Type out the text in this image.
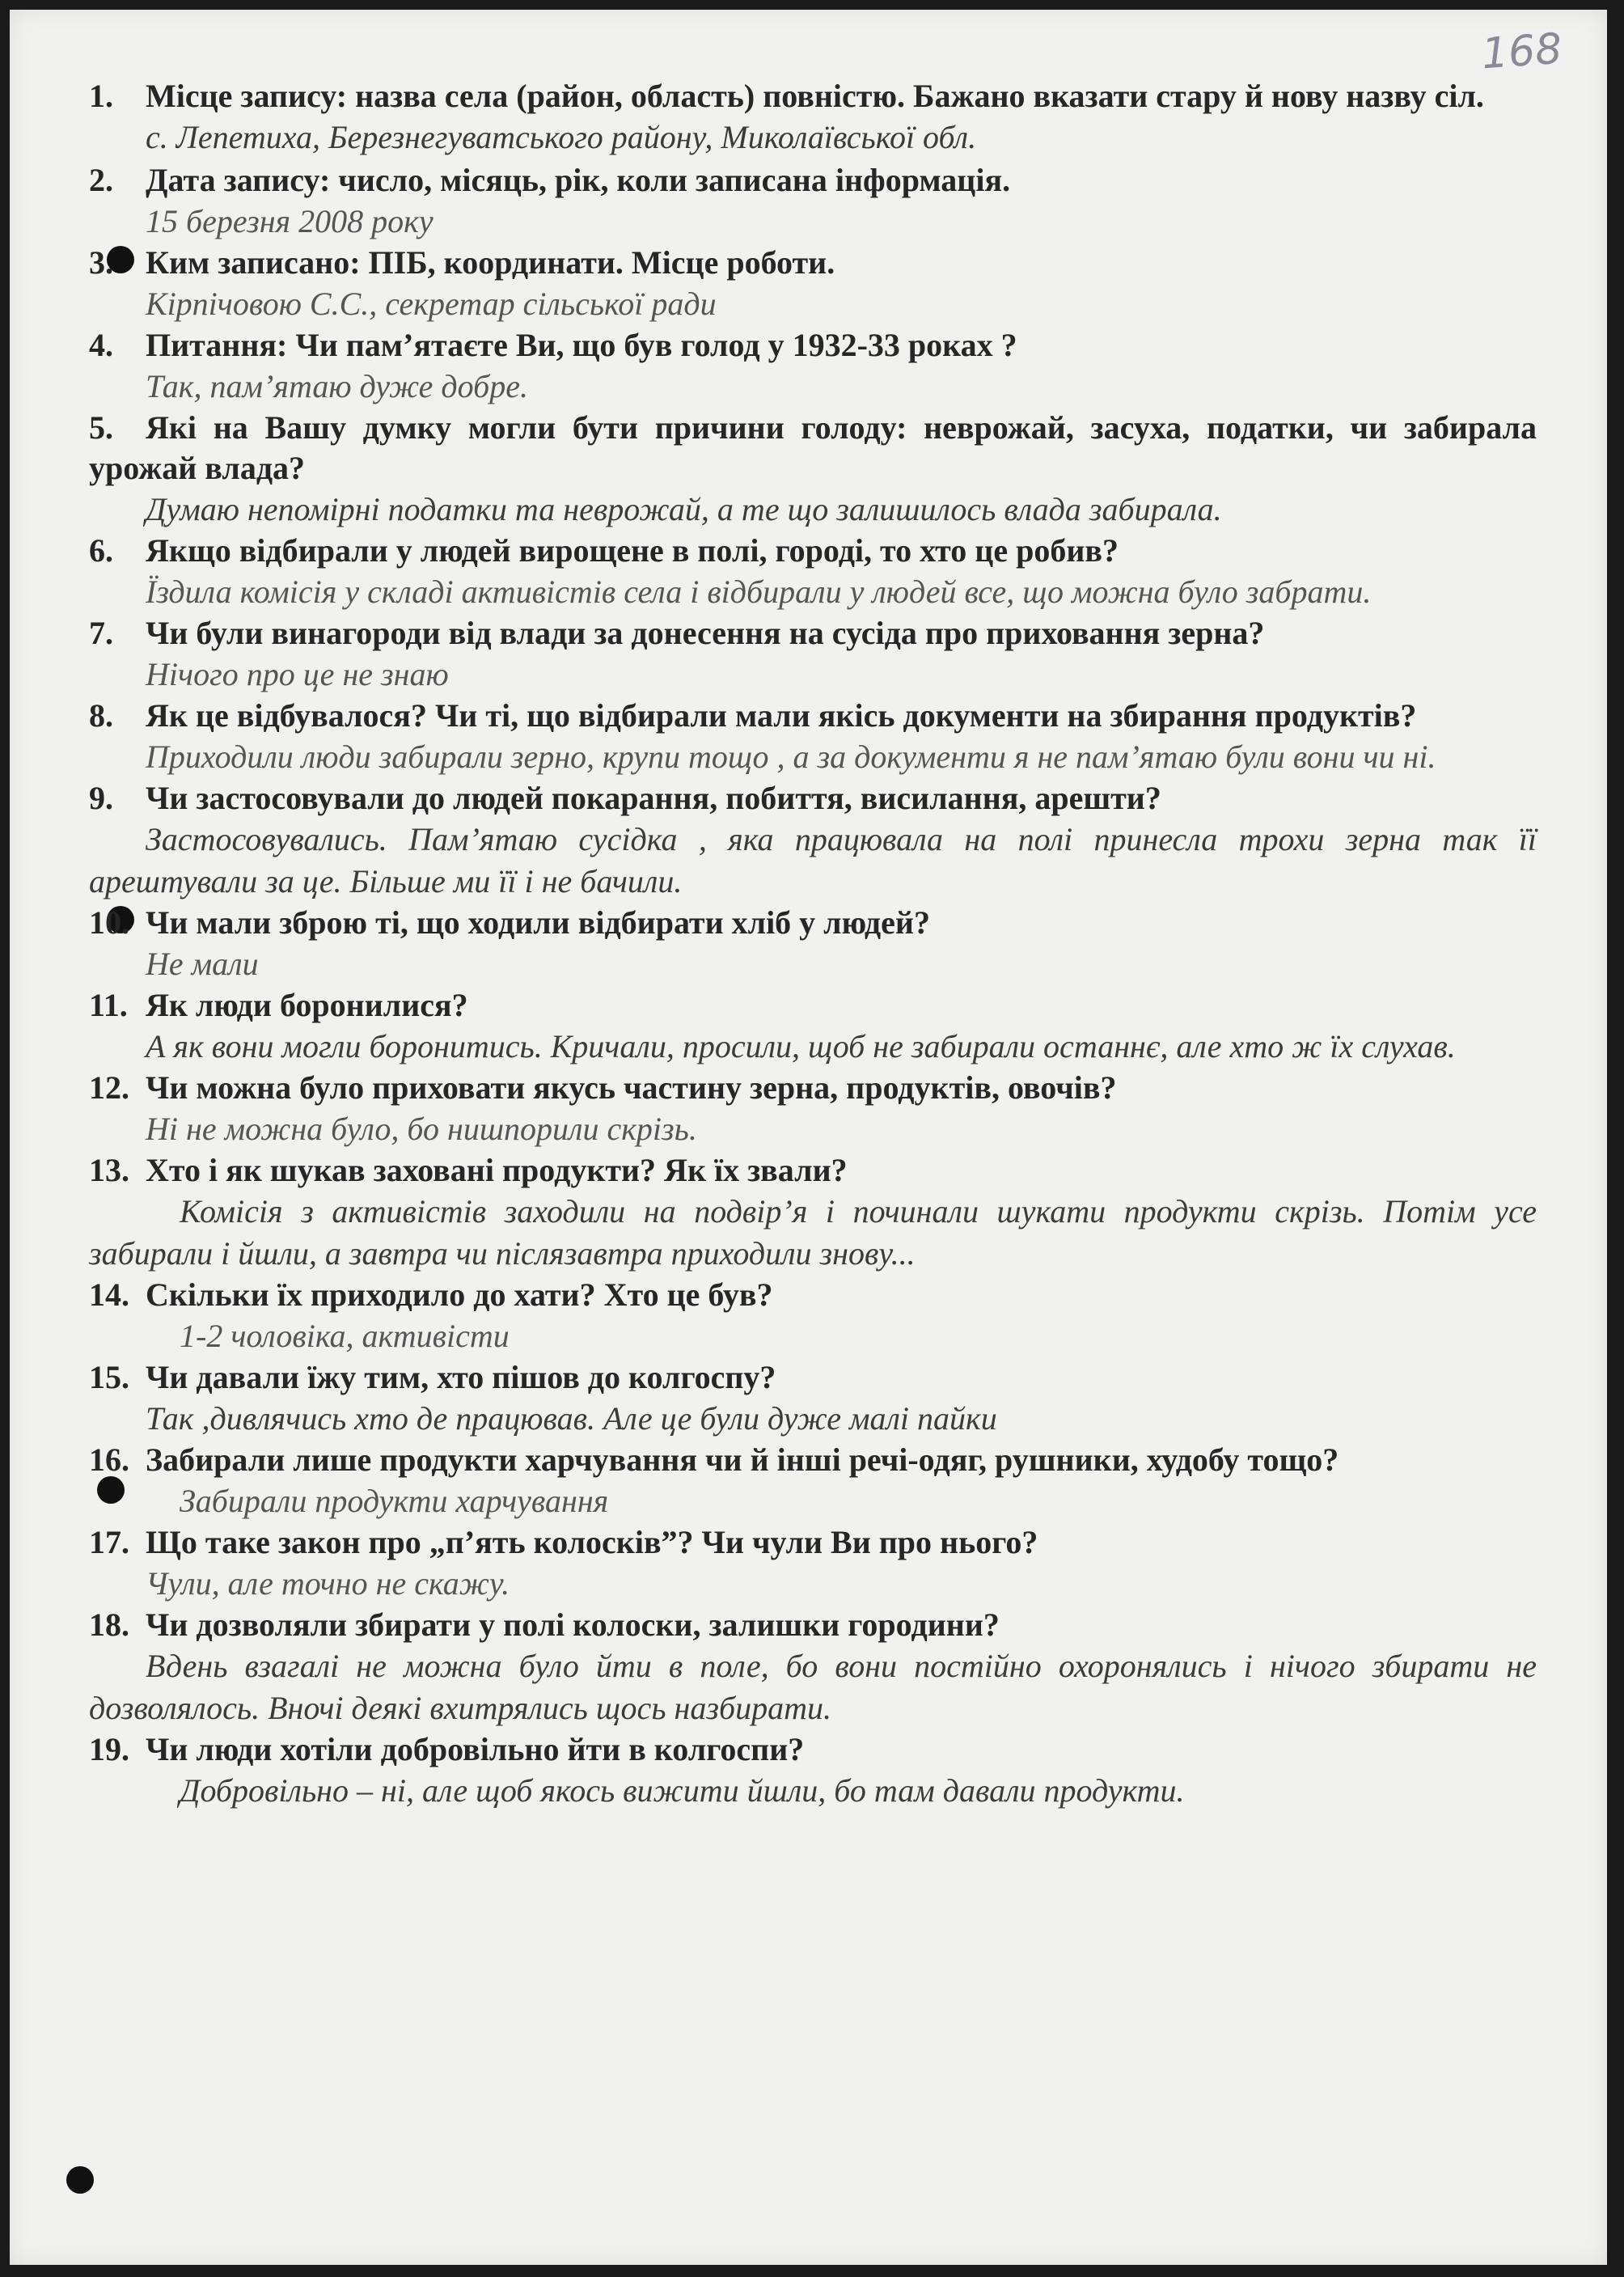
168
1. Місце запису: назва села (район, область) повністю. Бажано вказати стару й нову назву сіл.
с. Лепетиха, Березнегуватського району, Миколаївської обл.
2. Дата запису: число, місяць, рік, коли записана інформація.
15 березня 2008 року
3. Ким записано: ПІБ, координати. Місце роботи.
Кірпічовою С.С., секретар сільської ради
4. Питання: Чи пам’ятаєте Ви, що був голод у 1932-33 роках ?
Так, пам’ятаю дуже добре.
5. Які на Вашу думку могли бути причини голоду: неврожай, засуха, податки, чи забирала урожай влада?
Думаю непомірні податки та неврожай, а те що залишилось влада забирала.
6. Якщо відбирали у людей вирощене в полі, городі, то хто це робив?
Їздила комісія у складі активістів села і відбирали у людей все, що можна було забрати.
7. Чи були винагороди від влади за донесення на сусіда про приховання зерна?
Нічого про це не знаю
8. Як це відбувалося? Чи ті, що відбирали мали якісь документи на збирання продуктів?
Приходили люди забирали зерно, крупи тощо , а за документи я не пам’ятаю були вони чи ні.
9. Чи застосовували до людей покарання, побиття, висилання, арешти?
Застосовувались. Пам’ятаю сусідка , яка працювала на полі принесла трохи зерна так її арештували за це. Більше ми її і не бачили.
10. Чи мали зброю ті, що ходили відбирати хліб у людей?
Не мали
11. Як люди боронилися?
А як вони могли боронитись. Кричали, просили, щоб не забирали останнє, але хто ж їх слухав.
12. Чи можна було приховати якусь частину зерна, продуктів, овочів?
Ні не можна було, бо нишпорили скрізь.
13. Хто і як шукав заховані продукти? Як їх звали?
Комісія з активістів заходили на подвір’я і починали шукати продукти скрізь. Потім усе забирали і йшли, а завтра чи післязавтра приходили знову...
14. Скільки їх приходило до хати? Хто це був?
1-2 чоловіка, активісти
15. Чи давали їжу тим, хто пішов до колгоспу?
Так ,дивлячись хто де працював. Але це були дуже малі пайки
16. Забирали лише продукти харчування чи й інші речі-одяг, рушники, худобу тощо?
Забирали продукти харчування
17. Що таке закон про „п’ять колосків”? Чи чули Ви про нього?
Чули, але точно не скажу.
18. Чи дозволяли збирати у полі колоски, залишки городини?
Вдень взагалі не можна було йти в поле, бо вони постійно охоронялись і нічого збирати не дозволялось. Вночі деякі вхитрялись щось назбирати.
19. Чи люди хотіли добровільно йти в колгоспи?
Добровільно – ні, але щоб якось вижити йшли, бо там давали продукти.
